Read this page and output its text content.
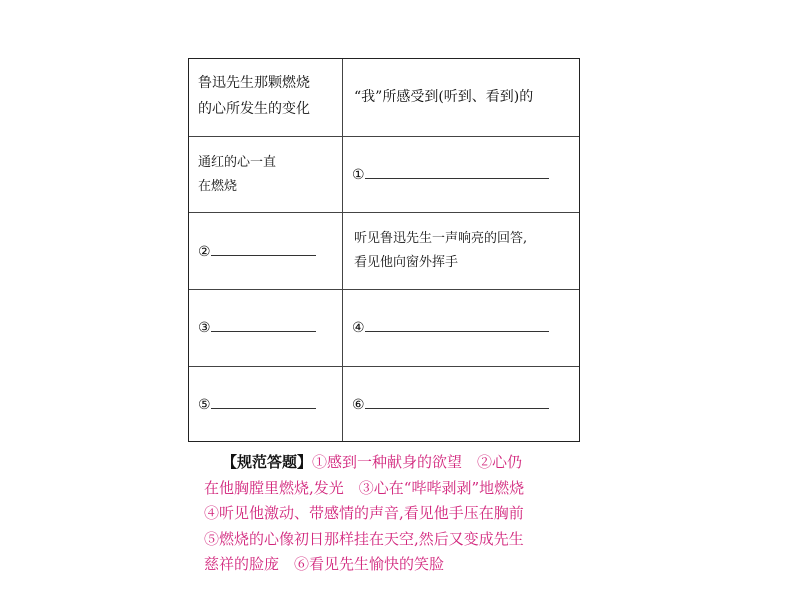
鲁迅先生那颗燃烧
的心所发生的变化
“我”所感受到(听到、看到)的
通红的心一直
在燃烧
①
②
听见鲁迅先生一声响亮的回答,
看见他向窗外挥手
③	④
⑤	⑥
【规范答题】①感到一种献身的欲望　②心仍
在他胸膛里燃烧,发光　③心在“哔哔剥剥”地燃烧
④听见他激动、带感情的声音,看见他手压在胸前
⑤燃烧的心像初日那样挂在天空,然后又变成先生
慈祥的脸庞　⑥看见先生愉快的笑脸
